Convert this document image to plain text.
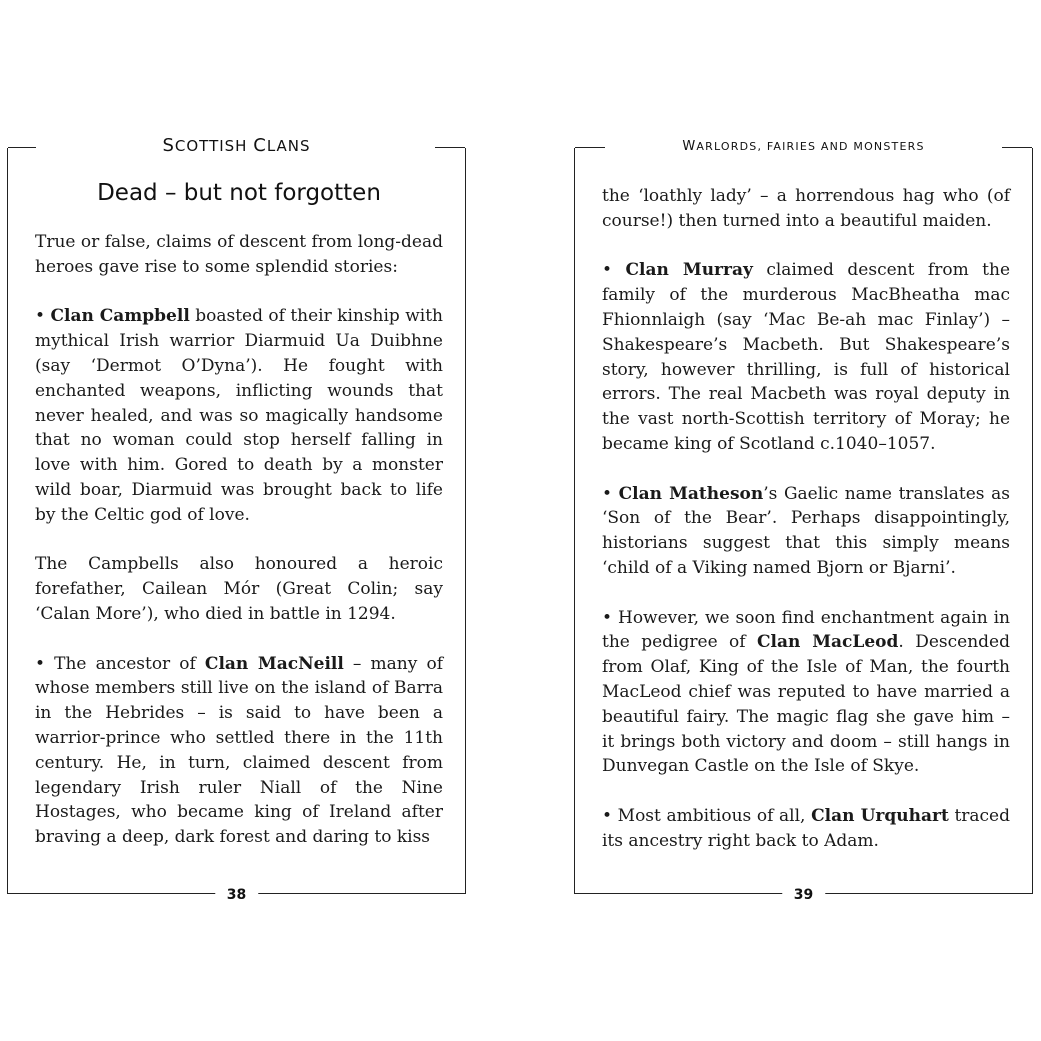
SCOTTISH CLANS
Dead – but not forgotten

True or false, claims of descent from long-dead heroes gave rise to some splendid stories:

• Clan Campbell boasted of their kinship with mythical Irish warrior Diarmuid Ua Duibhne (say ‘Dermot O’Dyna’). He fought with enchanted weapons, inflicting wounds that never healed, and was so magically handsome that no woman could stop herself falling in love with him. Gored to death by a monster wild boar, Diarmuid was brought back to life by the Celtic god of love.

The Campbells also honoured a heroic forefather, Cailean Mór (Great Colin; say ‘Calan More’), who died in battle in 1294.

• The ancestor of Clan MacNeill – many of whose members still live on the island of Barra in the Hebrides – is said to have been a warrior-prince who settled there in the 11th century. He, in turn, claimed descent from legendary Irish ruler Niall of the Nine Hostages, who became king of Ireland after braving a deep, dark forest and daring to kiss

38
WARLORDS, FAIRIES AND MONSTERS

the ‘loathly lady’ – a horrendous hag who (of course!) then turned into a beautiful maiden.

• Clan Murray claimed descent from the family of the murderous MacBheatha mac Fhionnlaigh (say ‘Mac Be-ah mac Finlay’) – Shakespeare’s Macbeth. But Shakespeare’s story, however thrilling, is full of historical errors. The real Macbeth was royal deputy in the vast north-Scottish territory of Moray; he became king of Scotland c.1040–1057.

• Clan Matheson’s Gaelic name translates as ‘Son of the Bear’. Perhaps disappointingly, historians suggest that this simply means ‘child of a Viking named Bjorn or Bjarni’.

• However, we soon find enchantment again in the pedigree of Clan MacLeod. Descended from Olaf, King of the Isle of Man, the fourth MacLeod chief was reputed to have married a beautiful fairy. The magic flag she gave him – it brings both victory and doom – still hangs in Dunvegan Castle on the Isle of Skye.

• Most ambitious of all, Clan Urquhart traced its ancestry right back to Adam.

39
